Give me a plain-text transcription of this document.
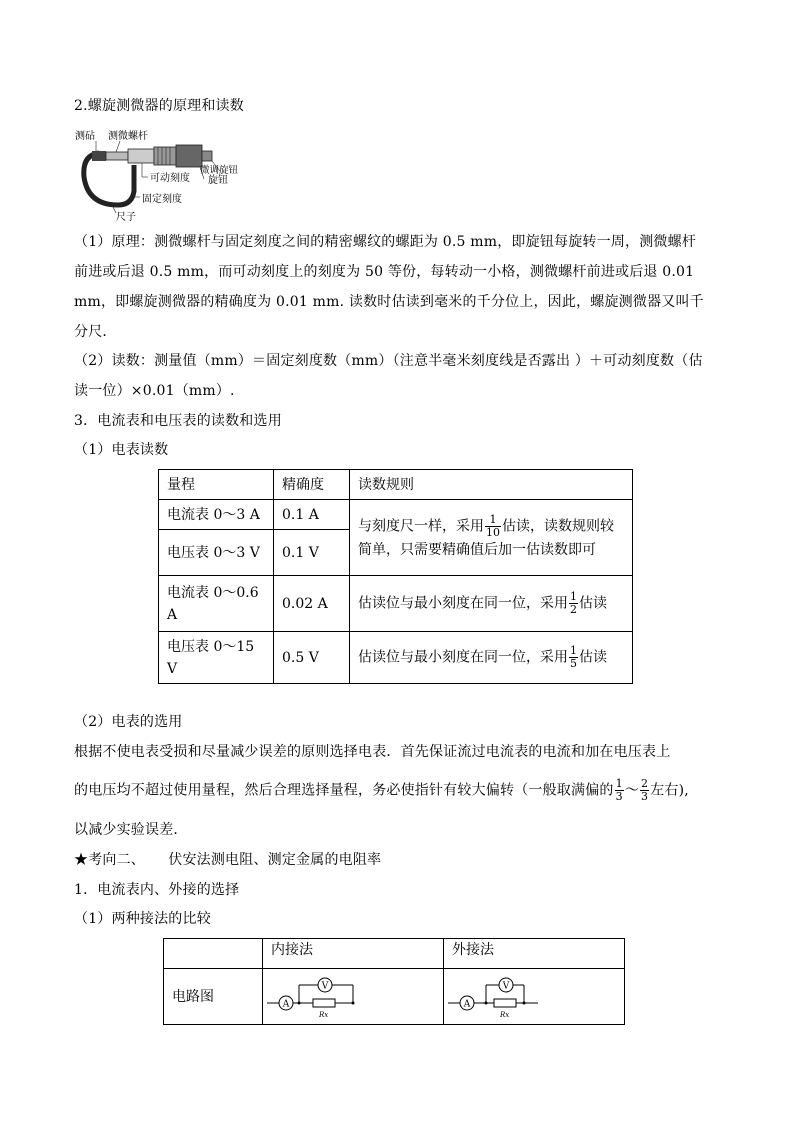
2.螺旋测微器的原理和读数
测砧 测微螺杆
可动刻度
固定刻度
尺子
旋钮
微调旋钮
（1）原理：测微螺杆与固定刻度之间的精密螺纹的螺距为 0.5 mm，即旋钮每旋转一周，测微螺杆
前进或后退 0.5 mm，而可动刻度上的刻度为 50 等份，每转动一小格，测微螺杆前进或后退 0.01
mm，即螺旋测微器的精确度为 0.01 mm. 读数时估读到毫米的千分位上，因此，螺旋测微器又叫千
分尺．
（2）读数：测量值（mm）＝固定刻度数（mm）（注意半毫米刻度线是否露出 ）＋可动刻度数（估
读一位）×0.01（mm）.
3．电流表和电压表的读数和选用
（1）电表读数
量程	精确度	读数规则
电流表 0～3 A	0.1 A	与刻度尺一样，采用 $\frac{1}{10}$ 估读，读数规则较
简单，只需要精确值后加一估读数即可
电压表 0～3 V	0.1 V	
电流表 0～0.6
A	0.02 A	估读位与最小刻度在同一位，采用 $\frac{1}{2}$ 估读
电压表 0～15 V	0.5 V	估读位与最小刻度在同一位，采用 $\frac{1}{5}$ 估读
（2）电表的选用
根据不使电表受损和尽量减少误差的原则选择电表．首先保证流过电流表的电流和加在电压表上
的电压均不超过使用量程，然后合理选择量程，务必使指针有较大偏转（一般取满偏的 $\frac{1}{3}$ ～ $\frac{2}{3}$ 左右),
以减少实验误差．
★考向二、     伏安法测电阻、测定金属的电阻率
1．电流表内、外接的选择
（1）两种接法的比较
	内接法	外接法
电路图	A
V
Rx	A
V
Rx
